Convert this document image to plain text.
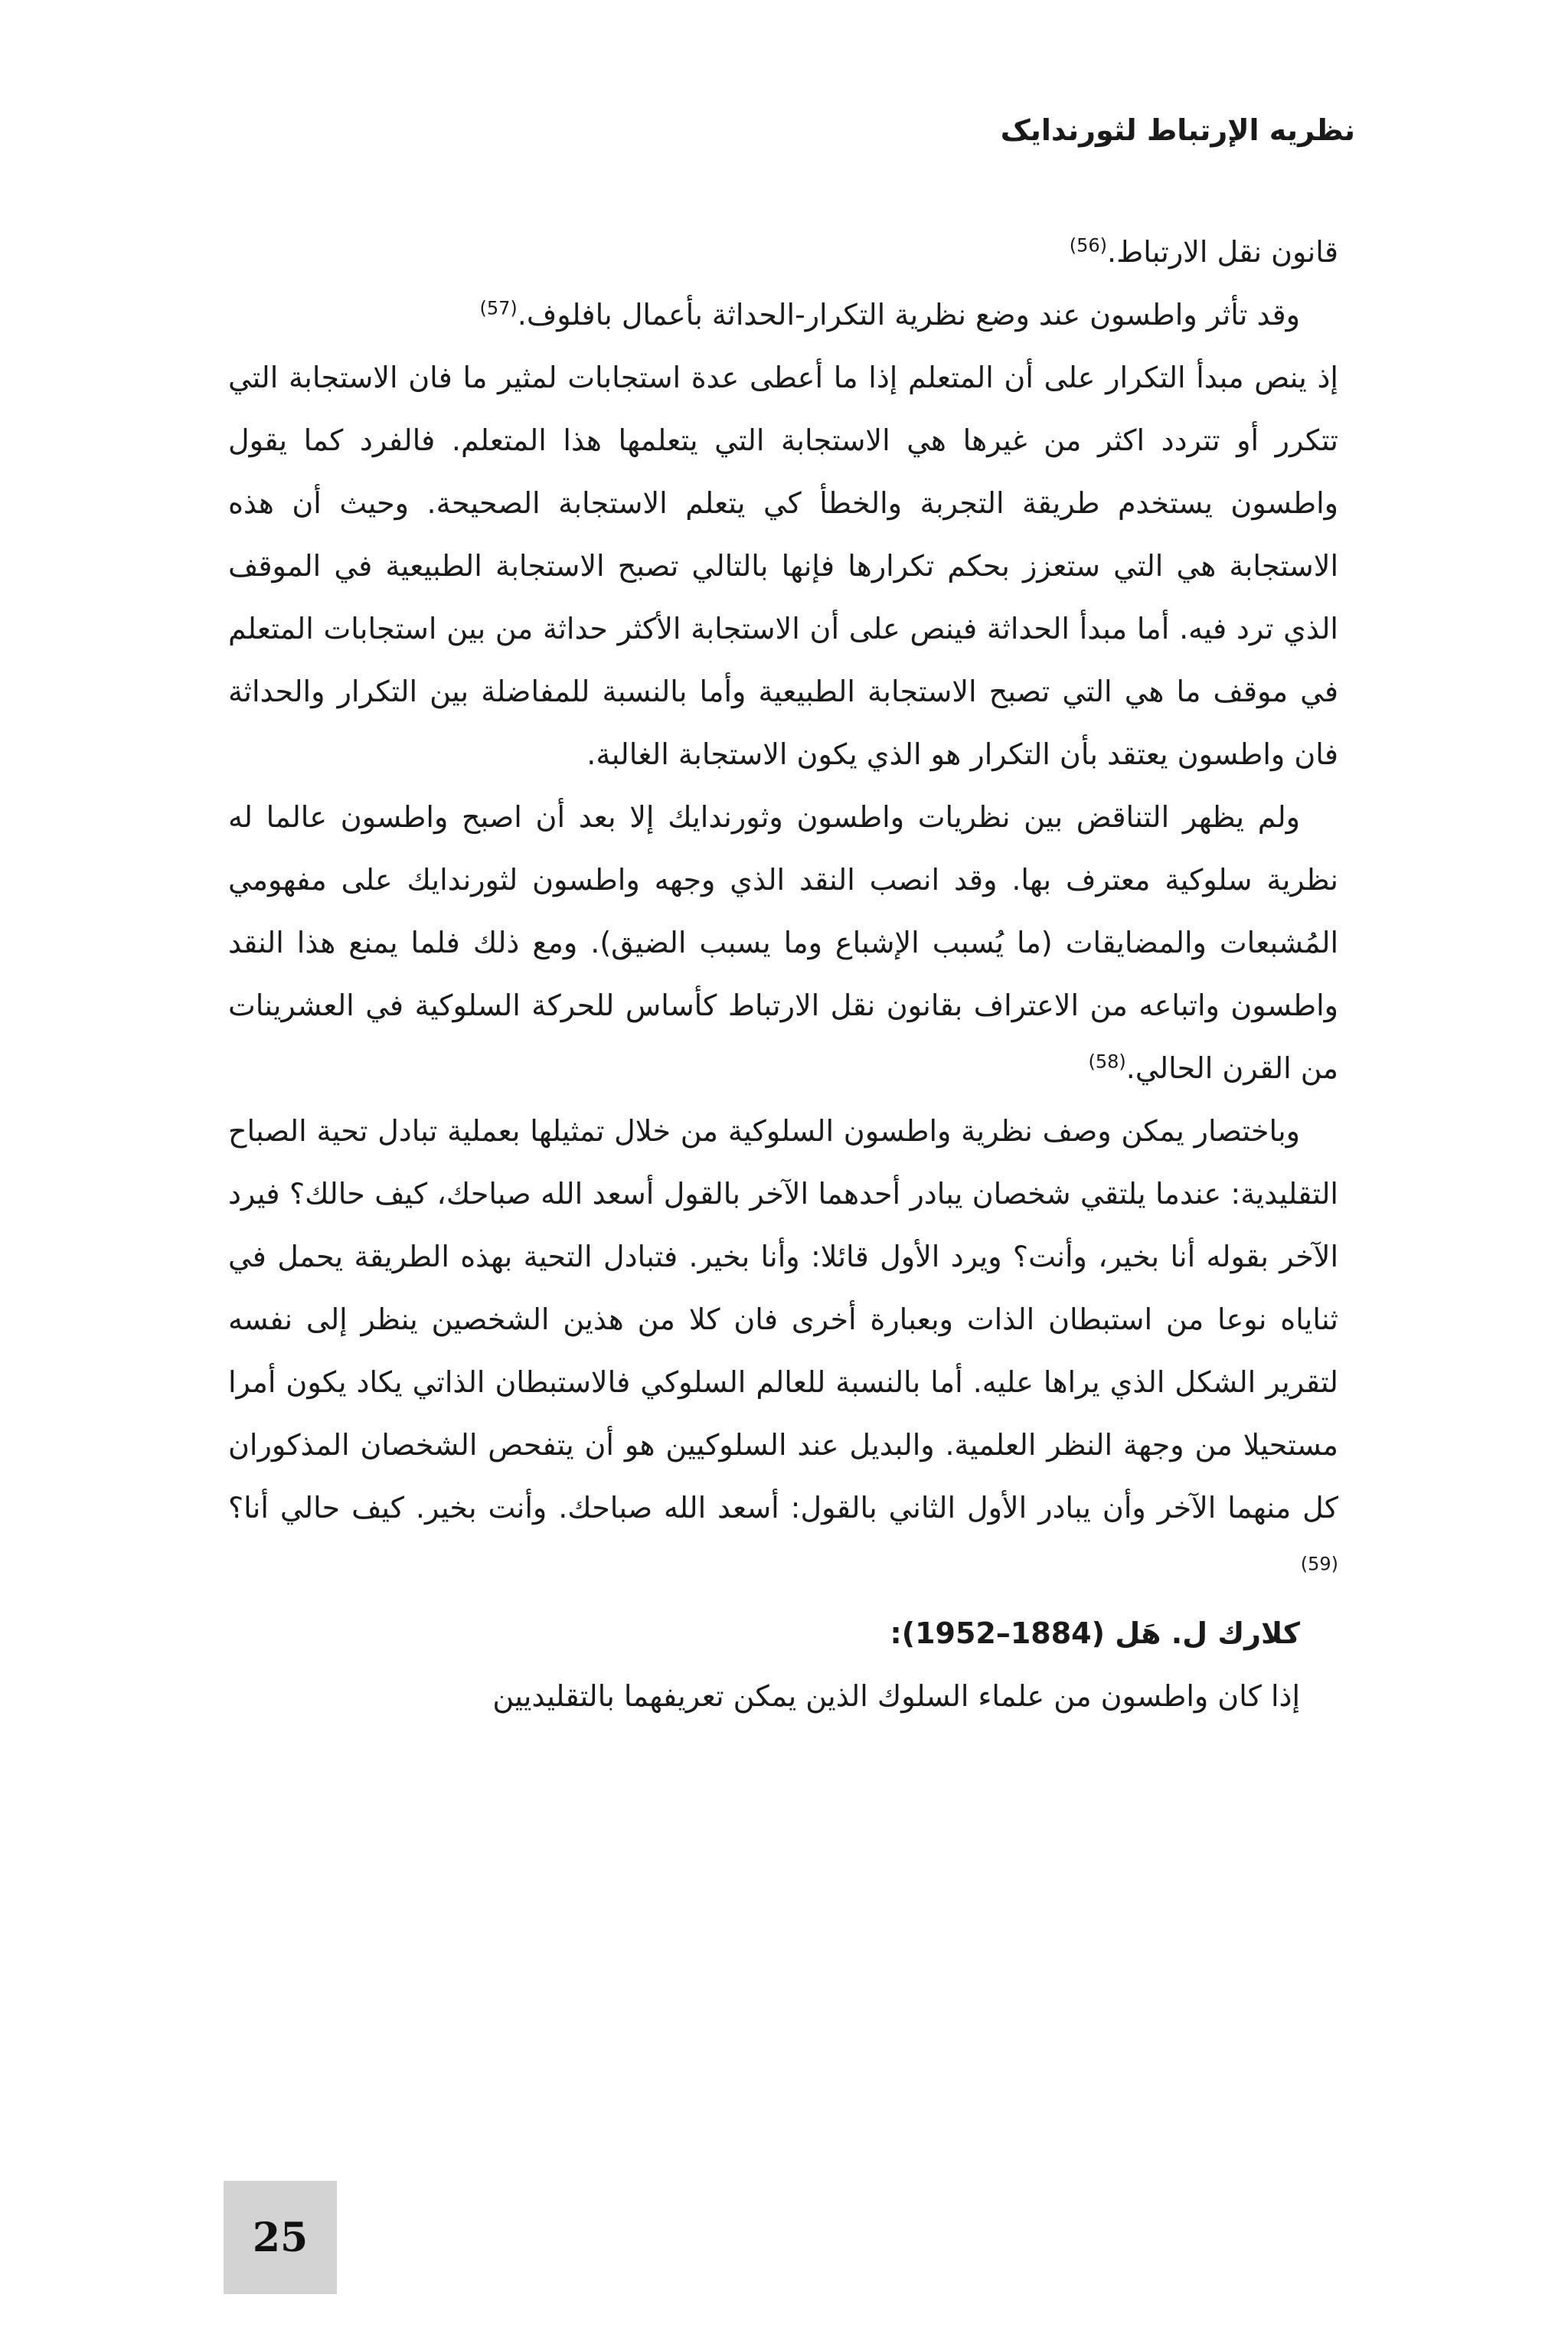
نظريه الإرتباط لثورندايک

قانون نقل الارتباط.$^{(56)}$

وقد تأثر واطسون عند وضع نظرية التكرار-الحداثة بأعمال بافلوف.$^{(57)}$

إذ ينص مبدأ التكرار على أن المتعلم إذا ما أعطى عدة استجابات لمثير ما فان الاستجابة التي تتكرر أو تتردد اكثر من غيرها هي الاستجابة التي يتعلمها هذا المتعلم. فالفرد كما يقول واطسون يستخدم طريقة التجربة والخطأ كي يتعلم الاستجابة الصحيحة. وحيث أن هذه الاستجابة هي التي ستعزز بحكم تكرارها فإنها بالتالي تصبح الاستجابة الطبيعية في الموقف الذي ترد فيه. أما مبدأ الحداثة فينص على أن الاستجابة الأكثر حداثة من بين استجابات المتعلم في موقف ما هي التي تصبح الاستجابة الطبيعية وأما بالنسبة للمفاضلة بين التكرار والحداثة فان واطسون يعتقد بأن التكرار هو الذي يكون الاستجابة الغالبة.

ولم يظهر التناقض بين نظريات واطسون وثورندايك إلا بعد أن اصبح واطسون عالما له نظرية سلوكية معترف بها. وقد انصب النقد الذي وجهه واطسون لثورندايك على مفهومي المُشبعات والمضايقات (ما يُسبب الإشباع وما يسبب الضيق). ومع ذلك فلما يمنع هذا النقد واطسون واتباعه من الاعتراف بقانون نقل الارتباط كأساس للحركة السلوكية في العشرينات من القرن الحالي.$^{(58)}$

وباختصار يمكن وصف نظرية واطسون السلوكية من خلال تمثيلها بعملية تبادل تحية الصباح التقليدية: عندما يلتقي شخصان يبادر أحدهما الآخر بالقول أسعد الله صباحك، كيف حالك؟ فيرد الآخر بقوله أنا بخير، وأنت؟ ويرد الأول قائلا: وأنا بخير. فتبادل التحية بهذه الطريقة يحمل في ثناياه نوعا من استبطان الذات وبعبارة أخرى فان كلا من هذين الشخصين ينظر إلى نفسه لتقرير الشكل الذي يراها عليه. أما بالنسبة للعالم السلوكي فالاستبطان الذاتي يكاد يكون أمرا مستحيلا من وجهة النظر العلمية. والبديل عند السلوكيين هو أن يتفحص الشخصان المذكوران كل منهما الآخر وأن يبادر الأول الثاني بالقول: أسعد الله صباحك. وأنت بخير. كيف حالي أنا؟$^{(59)}$

كلارك ل. هَل (1884–1952):

إذا كان واطسون من علماء السلوك الذين يمكن تعريفهما بالتقليديين

25
